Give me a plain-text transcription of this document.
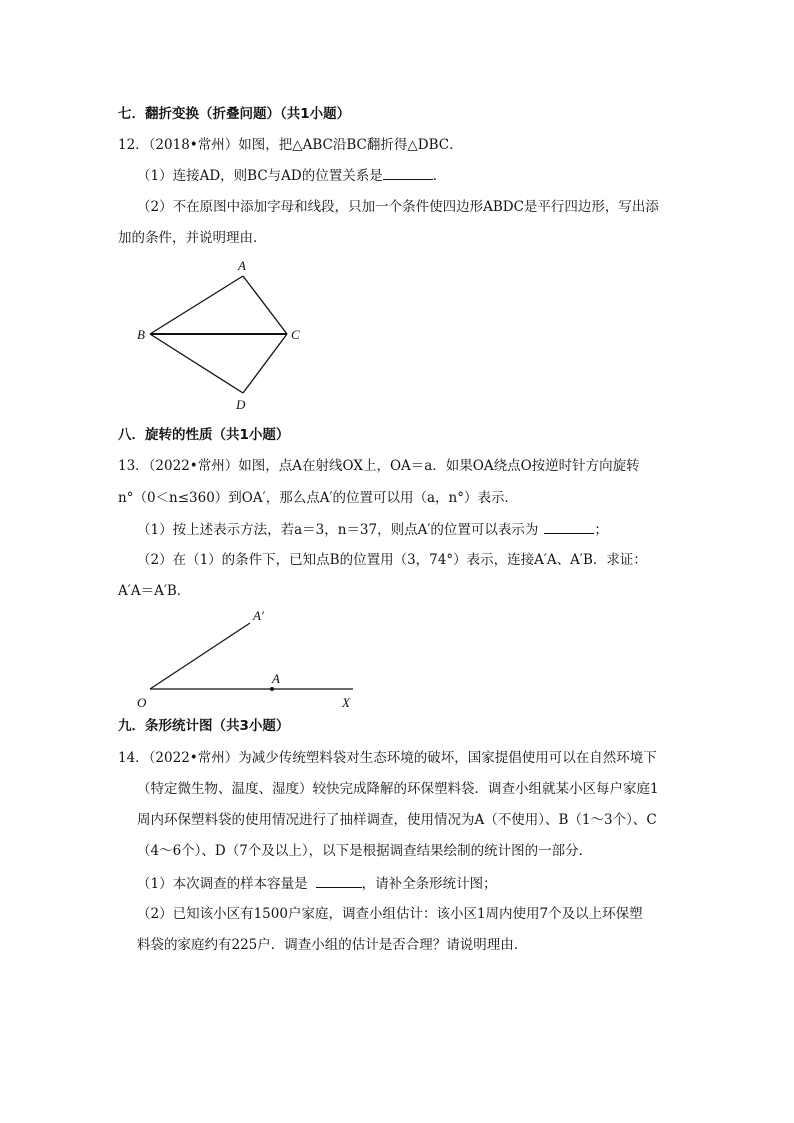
七．翻折变换（折叠问题）（共1小题）
12．（2018•常州）如图，把△ABC沿BC翻折得△DBC．
（1）连接AD，则BC与AD的位置关系是	．
（2）不在原图中添加字母和线段，只加一个条件使四边形ABDC是平行四边形，写出添
加的条件，并说明理由．
A
B	C
D
八．旋转的性质（共1小题）
13．（2022•常州）如图，点A在射线OX上，OA＝a．如果OA绕点O按逆时针方向旋转
n°（0＜n≤360）到OA′，那么点A′的位置可以用（a，n°）表示．
（1）按上述表示方法，若a＝3，n＝37，则点A′的位置可以表示为	；
（2）在（1）的条件下，已知点B的位置用（3，74°）表示，连接A′A、A′B．求证：
A′A＝A′B．
O
A
A′
X
九．条形统计图（共3小题）
14．（2022•常州）为减少传统塑料袋对生态环境的破坏，国家提倡使用可以在自然环境下
（特定微生物、温度、湿度）较快完成降解的环保塑料袋．调查小组就某小区每户家庭1
周内环保塑料袋的使用情况进行了抽样调查，使用情况为A（不使用）、B（1～3个）、C
（4～6个）、D（7个及以上），以下是根据调查结果绘制的统计图的一部分．
（1）本次调查的样本容量是	，请补全条形统计图；
（2）已知该小区有1500户家庭，调查小组估计：该小区1周内使用7个及以上环保塑
料袋的家庭约有225户．调查小组的估计是否合理？请说明理由．
